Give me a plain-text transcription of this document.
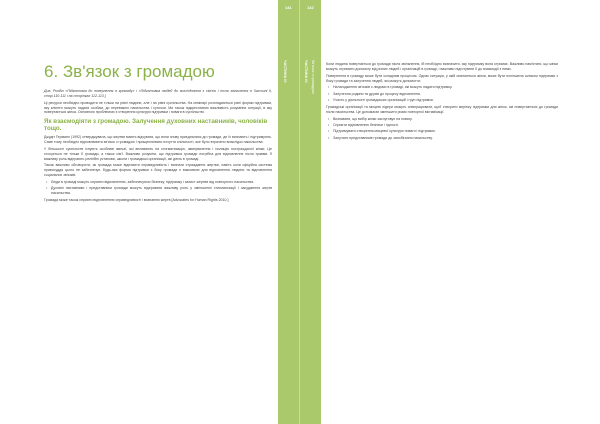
141	142
ЧАСТИНА III	ЧАСТИНА III Зв'язок з громадою
6. Зв'язок з громадою

Див. Розділ «Підготовка до повернення в громаду» і «Підготовка людей до возз'єднання з сім'єю і після звільнення в Частині II, стор.110-111 і на сторінках 112-113.]

Ці ресурси необхідно проводити не тільки на рівні людини, але і на рівні суспільства. На семінарі розглядаються різні форми підтримки, яку клієнти можуть надати особам, до переважно насильства і сутички. Ми також підкреслюємо важливість розуміння ситуації, в яку повертається жінка. Основною проблемою є створення культури підтримки і поваги в суспільстві.

Як взаємодіяти з громадою. Залучення духовних наставників, чоловіків тощо.

Джудіт Германn (1992) стверджувала, що жертви мають відчувати, що вони знову приєдналися до громади, де їх визнають і підтримують. Саме тому необхідно відновлювати зв'язок з громадою і прищеплювати почуття спільності, яке було втрачено внаслідок насильства.

У більшості суспільств існують особливі звичаї, які впливають на стигматизацію, звинувачення і ізоляцію постраждалої жінки. Це стосується не тільки її громади, а також сім'ї. Важливо розуміти, що підтримка громади потрібна для відновлення після травми. Її важливу роль відіграють релігійні установи, школи і громадські організації, які діють в громаді.

Також важливо обговорити, як громада може відновити справедливість і визнати страждання жертви, навіть коли офіційна система правосуддя цього не забезпечує. Будь-яка форма підтримки з боку громади є важливою для відновлення людини та відновлення соціальних зв'язків.

• Люди в громаді можуть сприяти відновленню, забезпечуючи безпеку, підтримку і захист жертви від повторного насильства.
• Духовні наставники і представники громади можуть відігравати важливу роль у зменшенні стигматизації і засудження жертв насильства.

Громада може також сприяти відновленню справедливості і визнанню жертв [Advocates for Human Rights 2010.]

Коли людина повертається до громади після звільнення, їй необхідно визначити, яку підтримку вона отримає. Важливо пам'ятати, що жінки можуть отримати допомогу від різних людей і організацій в громаді, і важливо підготувати її до взаємодії з ними.

Повернення в громаду може бути складним процесом. Однак ситуація, у якій опиняються жінки, може бути поліпшена шляхом підтримки з боку громади та залучення людей, які можуть допомогти:

• Налагодження зв'язків з людьми в громаді, які можуть надати підтримку.
• Залучення родини та друзів до процесу відновлення.
• Участь у діяльності громадських організацій і груп підтримки.

Громадські організації та місцеві лідери можуть співпрацювати, щоб створити мережу підтримки для жінок, які повертаються до громади після насильства. Це допомагає зменшити ризик повторної віктимізації.

• Визнавати, що вибір жінки заслуговує на повагу.
• Сприяти відновленню безпеки і гідності.
• Підтримувати створення місцевої культури поваги і підтримки.
• Залучати представників громади до запобігання насильству.
